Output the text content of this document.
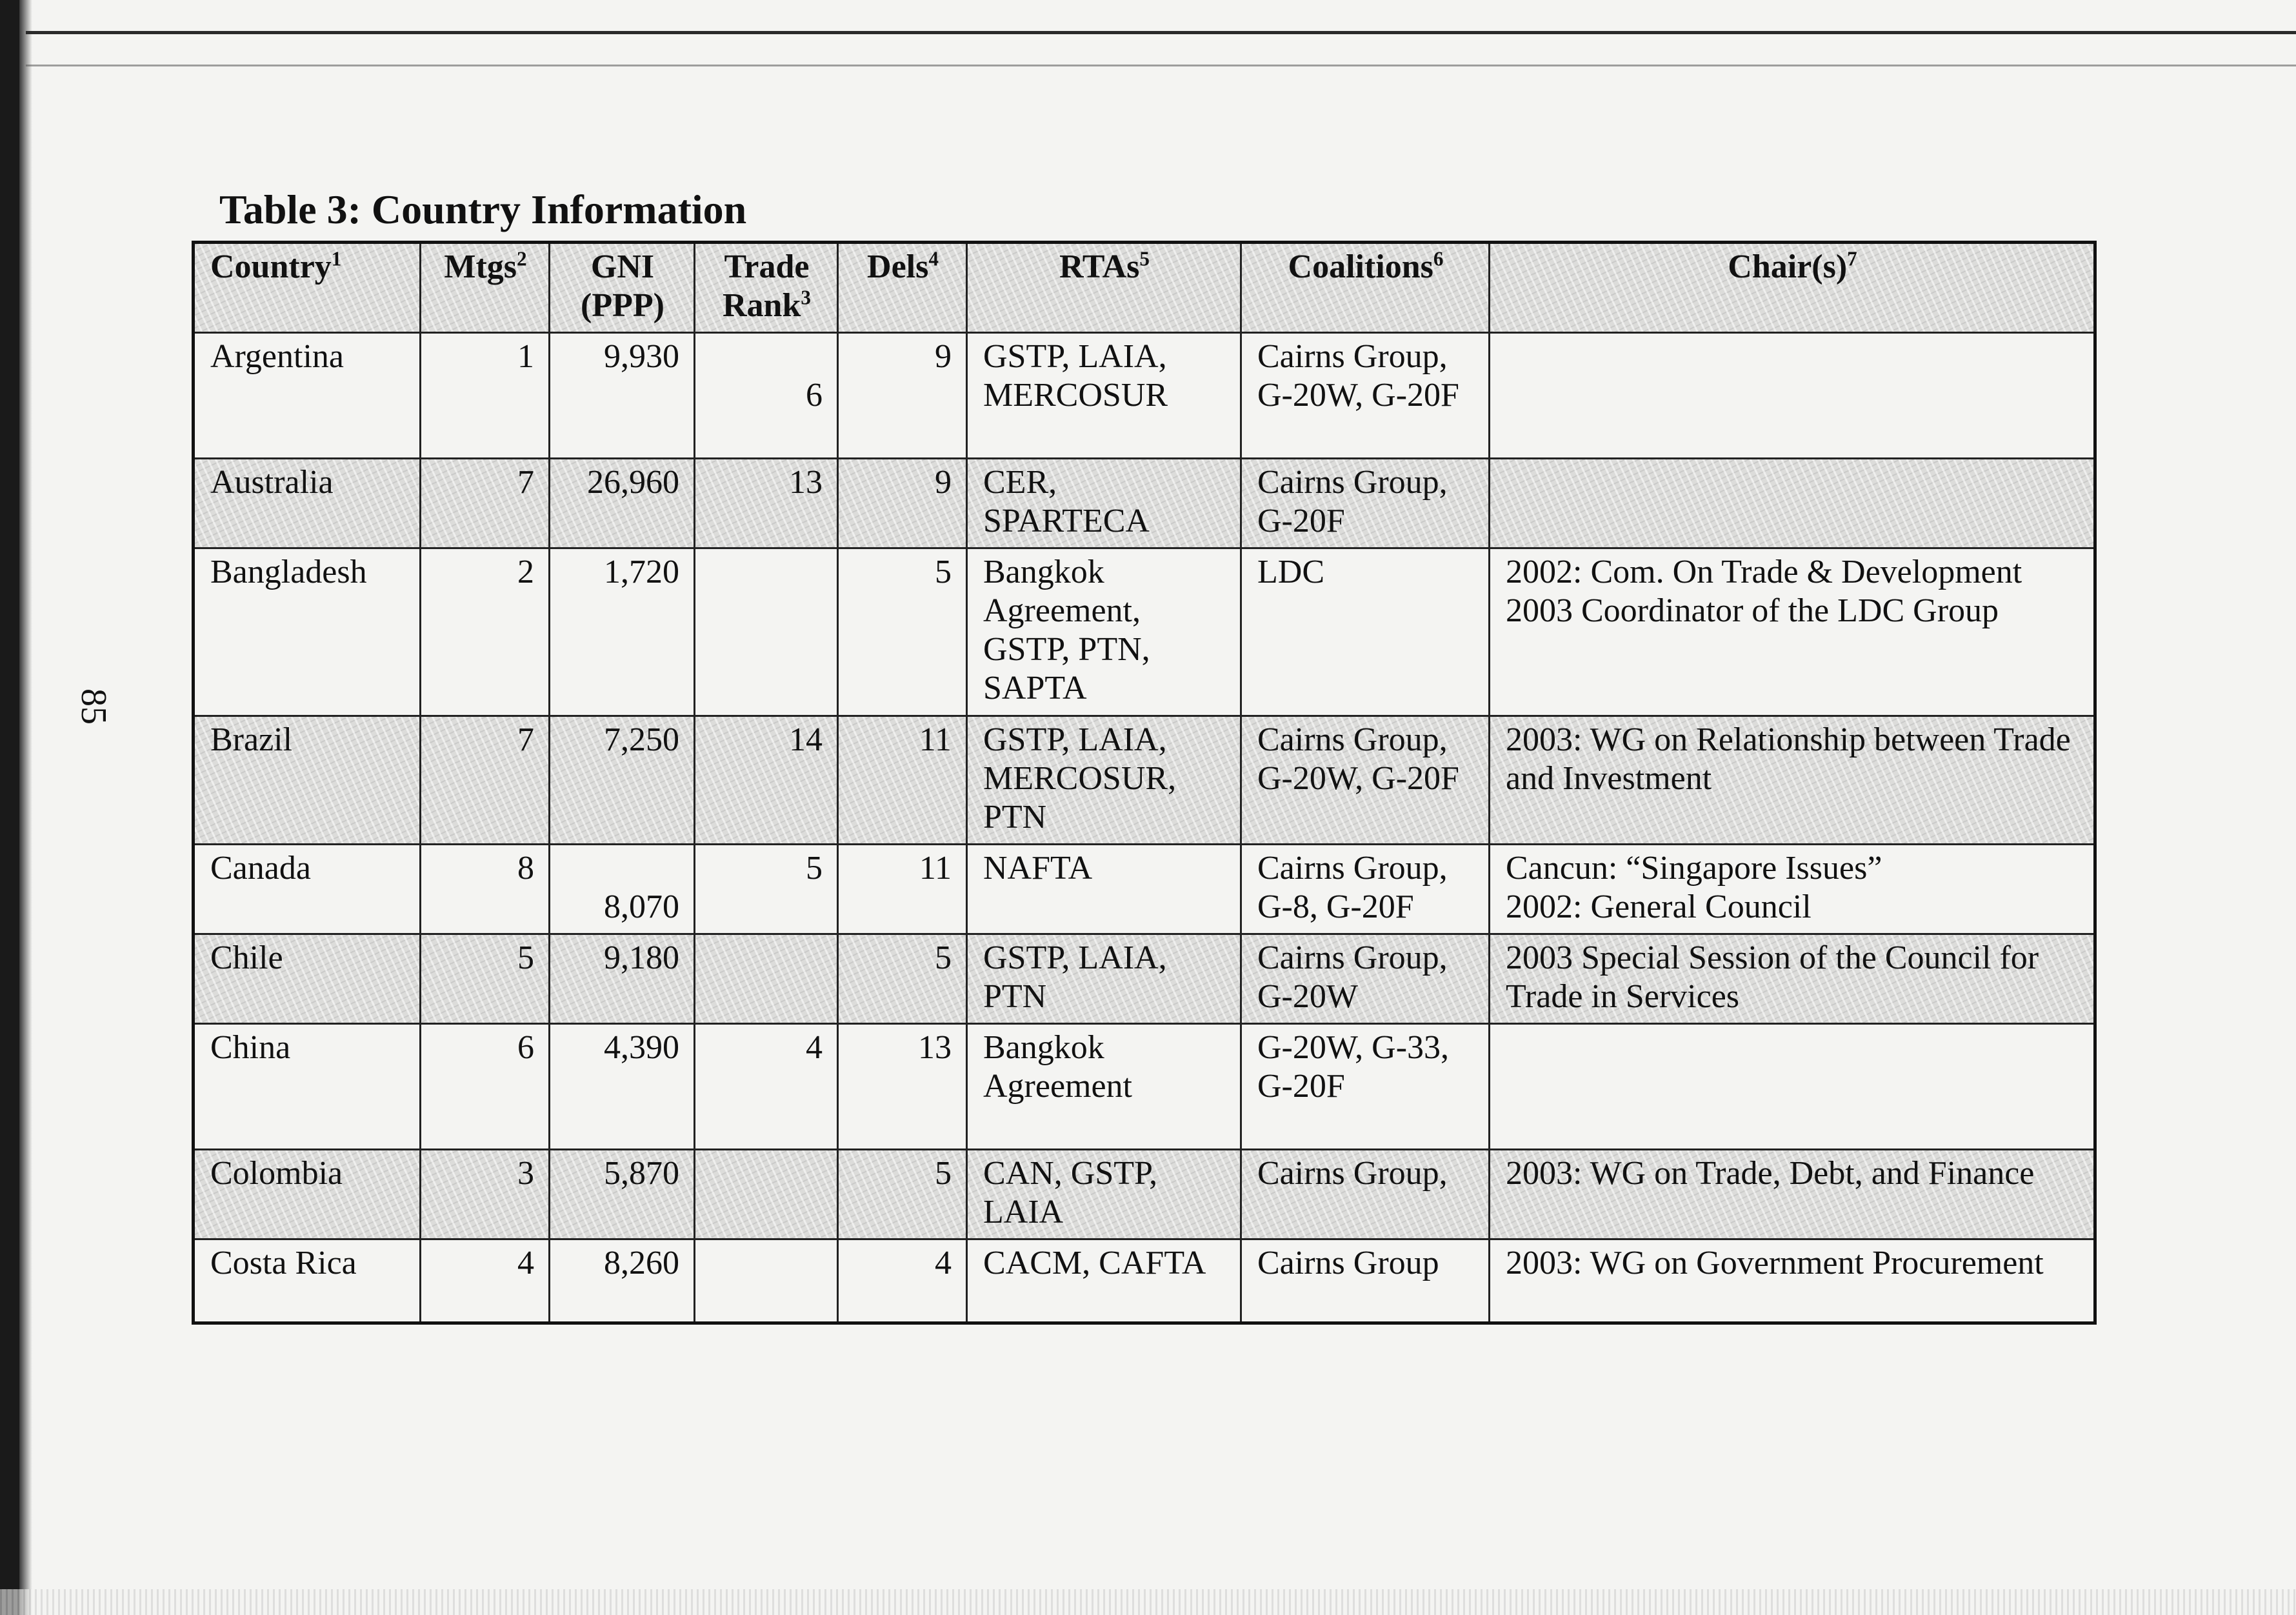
85
Table 3: Country Information
Country$^1$	Mtgs$^2$	GNI (PPP)	Trade Rank$^3$	Dels$^4$	RTAs$^5$	Coalitions$^6$	$Chair(s)^7$
Argentina	1	9,930	6	9	GSTP, LAIA, MERCOSUR	Cairns Group, G-20W, G-20F	

Australia	7	26,960	13	9	CER, SPARTECA	Cairns Group, G-20F	

Bangladesh	2	1,720		5	Bangkok Agreement, GSTP, PTN, SAPTA	LDC	2002: Com. On Trade & Development
2003 Coordinator of the LDC Group

Brazil	7	7,250	14	11	GSTP, LAIA, MERCOSUR, PTN	Cairns Group, G-20W, G-20F	2003: WG on Relationship between Trade and Investment

Canada	8	8,070	5	11	NAFTA	Cairns Group, G-8, G-20F	Cancun: “Singapore Issues”
2002: General Council

Chile	5	9,180		5	GSTP, LAIA, PTN	Cairns Group, G-20W	2003 Special Session of the Council for Trade in Services

China	6	4,390	4	13	Bangkok Agreement	G-20W, G-33, G-20F	

Colombia	3	5,870		5	CAN, GSTP, LAIA	Cairns Group,	2003: WG on Trade, Debt, and Finance

Costa Rica	4	8,260		4	CACM, CAFTA	Cairns Group	2003: WG on Government Procurement
